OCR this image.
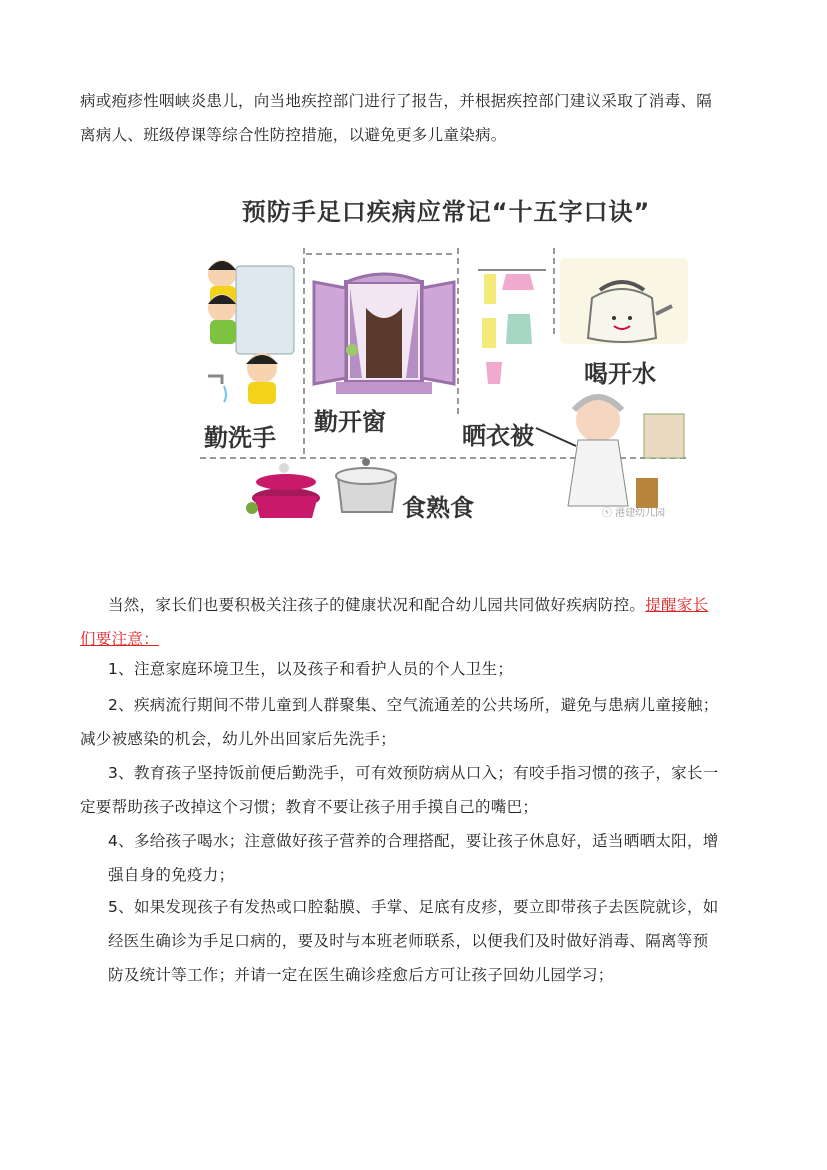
病或疱疹性咽峡炎患儿，向当地疾控部门进行了报告，并根据疾控部门建议采取了消毒、隔
离病人、班级停课等综合性防控措施，以避免更多儿童染病。
预防手足口疾病应常记“十五字口诀”
勤洗手
勤开窗	晒衣被
喝开水
食熟食	ⓢ 港建幼儿园
当然，家长们也要积极关注孩子的健康状况和配合幼儿园共同做好疾病防控。提醒家长
们要注意：
1、注意家庭环境卫生，以及孩子和看护人员的个人卫生；
2、疾病流行期间不带儿童到人群聚集、空气流通差的公共场所，避免与患病儿童接触；
减少被感染的机会，幼儿外出回家后先洗手；
3、教育孩子坚持饭前便后勤洗手，可有效预防病从口入；有咬手指习惯的孩子，家长一
定要帮助孩子改掉这个习惯；教育不要让孩子用手摸自己的嘴巴；
4、多给孩子喝水；注意做好孩子营养的合理搭配，要让孩子休息好，适当晒晒太阳，增
强自身的免疫力；
5、如果发现孩子有发热或口腔黏膜、手掌、足底有皮疹，要立即带孩子去医院就诊，如
经医生确诊为手足口病的，要及时与本班老师联系，以便我们及时做好消毒、隔离等预
防及统计等工作；并请一定在医生确诊痊愈后方可让孩子回幼儿园学习；
